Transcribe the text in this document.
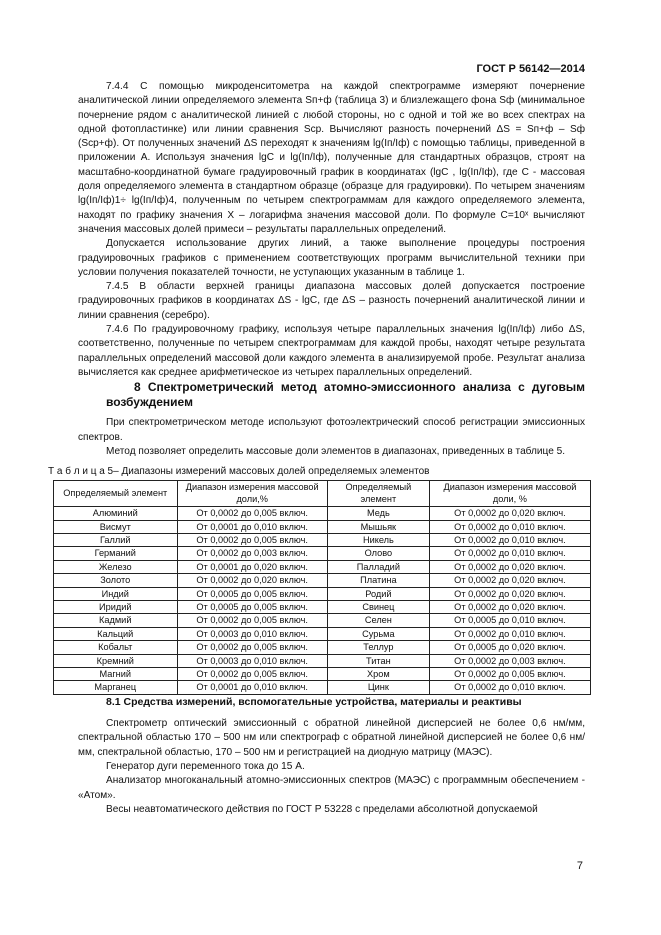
ГОСТ Р 56142—2014

7.4.4 С помощью микроденситометра на каждой спектрограмме измеряют почернение аналитической линии определяемого элемента Sп+ф (таблица 3) и близлежащего фона Sф (минимальное почернение рядом с аналитической линией с любой стороны, но с одной и той же во всех спектрах на одной фотопластинке) или линии сравнения Sср. Вычисляют разность почернений ΔS = Sп+ф – Sф (Sср+ф). От полученных значений ΔS переходят к значениям lg(Iп/Iф) с помощью таблицы, приведенной в приложении А. Используя значения lgC и lg(Iп/Iф), полученные для стандартных образцов, строят на масштабно-координатной бумаге градуировочный график в координатах (lgC , lg(Iп/Iф), где C - массовая доля определяемого элемента в стандартном образце (образце для градуировки). По четырем значениям lg(Iп/Iф)1÷ lg(Iп/Iф)4, полученным по четырем спектрограммам для каждого определяемого элемента, находят по графику значения X – логарифма значения массовой доли. По формуле C=10ˣ вычисляют значения массовых долей примеси – результаты параллельных определений.

Допускается использование других линий, а также выполнение процедуры построения градуировочных графиков с применением соответствующих программ вычислительной техники при условии получения показателей точности, не уступающих указанным в таблице 1.

7.4.5 В области верхней границы диапазона массовых долей допускается построение градуировочных графиков в координатах ΔS - lgC, где ΔS – разность почернений аналитической линии и линии сравнения (серебро).

7.4.6 По градуировочному графику, используя четыре параллельных значения lg(Iп/Iф) либо ΔS, соответственно, полученные по четырем спектрограммам для каждой пробы, находят четыре результата параллельных определений массовой доли каждого элемента в анализируемой пробе. Результат анализа вычисляется как среднее арифметическое из четырех параллельных определений.

8 Спектрометрический метод атомно-эмиссионного анализа с дуговым возбуждением

При спектрометрическом методе используют фотоэлектрический способ регистрации эмиссионных спектров.

Метод позволяет определить массовые доли элементов в диапазонах, приведенных в таблице 5.

Т а б л и ц а 5– Диапазоны измерений массовых долей определяемых элементов
Определяемый элемент	Диапазон измерения массовой доли,%	Определяемый элемент	Диапазон измерения массовой доли, %
Алюминий	От 0,0002 до 0,005 включ.	Медь	От 0,0002 до 0,020 включ.
Висмут	От 0,0001 до 0,010 включ.	Мышьяк	От 0,0002 до 0,010 включ.
Галлий	От 0,0002 до 0,005 включ.	Никель	От 0,0002 до 0,010 включ.
Германий	От 0,0002 до 0,003 включ.	Олово	От 0,0002 до 0,010 включ.
Железо	От 0,0001 до 0,020 включ.	Палладий	От 0,0002 до 0,020 включ.
Золото	От 0,0002 до 0,020 включ.	Платина	От 0,0002 до 0,020 включ.
Индий	От 0,0005 до 0,005 включ.	Родий	От 0,0002 до 0,020 включ.
Иридий	От 0,0005 до 0,005 включ.	Свинец	От 0,0002 до 0,020 включ.
Кадмий	От 0,0002 до 0,005 включ.	Селен	От 0,0005 до 0,010 включ.
Кальций	От 0,0003 до 0,010 включ.	Сурьма	От 0,0002 до 0,010 включ.
Кобальт	От 0,0002 до 0,005 включ.	Теллур	От 0,0005 до 0,020 включ.
Кремний	От 0,0003 до 0,010 включ.	Титан	От 0,0002 до 0,003 включ.
Магний	От 0,0002 до 0,005 включ.	Хром	От 0,0002 до 0,005 включ.
Марганец	От 0,0001 до 0,010 включ.	Цинк	От 0,0002 до 0,010 включ.

8.1 Средства измерений, вспомогательные устройства, материалы и реактивы

Спектрометр оптический эмиссионный с обратной линейной дисперсией не более 0,6 нм/мм, спектральной областью 170 – 500 нм или спектрограф с обратной линейной дисперсией не более 0,6 нм/мм, спектральной областью, 170 – 500 нм и регистрацией на диодную матрицу (МАЭС).

Генератор дуги переменного тока до 15 А.

Анализатор многоканальный атомно-эмиссионных спектров (МАЭС) с программным обеспечением - «Атом».

Весы неавтоматического действия по ГОСТ Р 53228 с пределами абсолютной допускаемой

7
